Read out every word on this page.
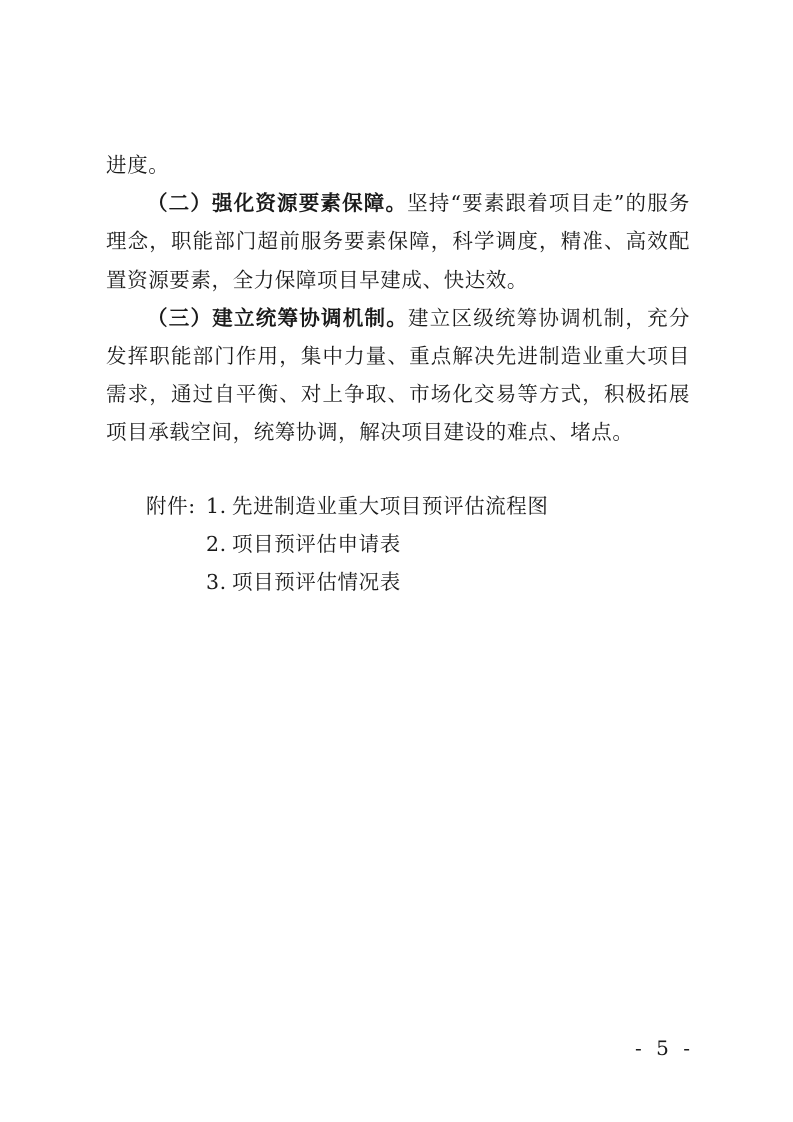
进度。

（二）强化资源要素保障。坚持“要素跟着项目走”的服务理念，职能部门超前服务要素保障，科学调度，精准、高效配置资源要素，全力保障项目早建成、快达效。

（三）建立统筹协调机制。建立区级统筹协调机制，充分发挥职能部门作用，集中力量、重点解决先进制造业重大项目需求，通过自平衡、对上争取、市场化交易等方式，积极拓展项目承载空间，统筹协调，解决项目建设的难点、堵点。

附件: 1. 先进制造业重大项目预评估流程图
2. 项目预评估申请表
3. 项目预评估情况表
- 5 -
